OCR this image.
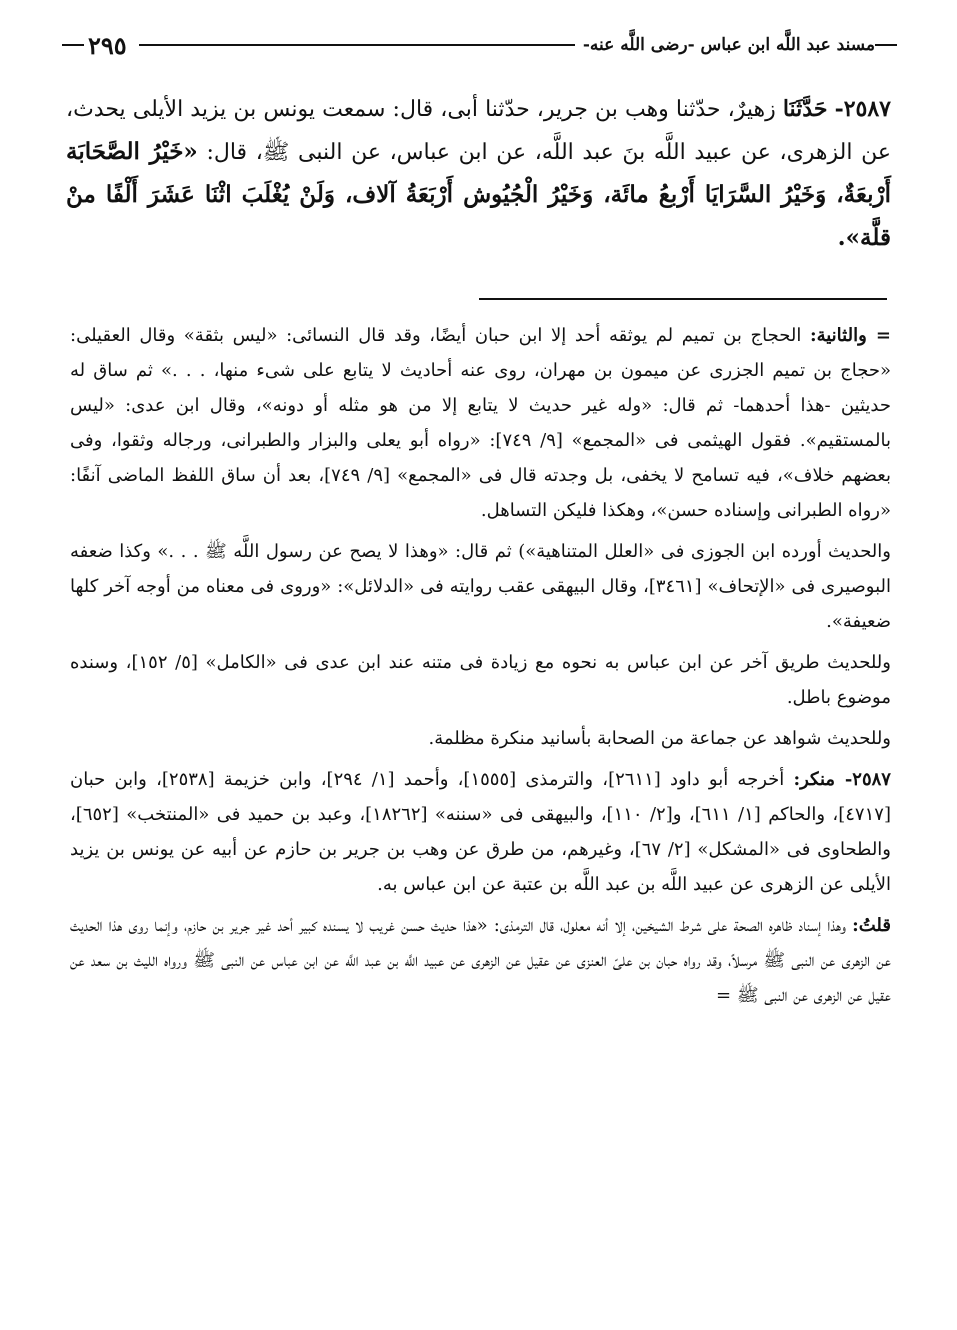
مسند عبد اللَّه ابن عباس -رضى اللَّه عنه-
٢٩٥
٢٥٨٧- حَدَّثَنَا زهيرٌ، حدّثنا وهب بن جرير، حدّثنا أبى، قال: سمعت يونس بن يزيد الأيلى يحدث، عن الزهرى، عن عبيد اللَّه بنَ عبد اللَّه، عن ابن عباس، عن النبى ﷺ، قال: «خَيْرُ الصَّحَابَة أَرْبعَةٌ، وَخَيْرُ السَّرَايَا أَرْبعُ مائَة، وَخَيْرُ الْجُيُوش أَرْبَعَةُ آلاف، وَلَنْ يُغْلَبَ اثْنَا عَشَرَ أَلْفًا منْ قلَّة».

= والثانية: الحجاج بن تميم لم يوثقه أحد إلا ابن حبان أيضًا، وقد قال النسائى: «ليس بثقة» وقال العقيلى: «حجاج بن تميم الجزرى عن ميمون بن مهران، روى عنه أحاديث لا يتابع على شىء منها، . . .» ثم ساق له حديثين -هذا أحدهما- ثم قال: «وله غير حديث لا يتابع إلا من هو مثله أو دونه»، وقال ابن عدى: «ليس بالمستقيم». فقول الهيثمى فى «المجمع» [٩/ ٧٤٩]: «رواه أبو يعلى والبزار والطبرانى، ورجاله وثقوا، وفى بعضهم خلاف»، فيه تسامح لا يخفى، بل وجدته قال فى «المجمع» [٩/ ٧٤٩]، بعد أن ساق اللفظ الماضى آنفًا: «رواه الطبرانى وإسناده حسن»، وهكذا فليكن التساهل.

والحديث أورده ابن الجوزى فى «العلل المتناهية») ثم قال: «وهذا لا يصح عن رسول اللَّه ﷺ . . .» وكذا ضعفه البوصيرى فى «الإتحاف» [٣٤٦١]، وقال البيهقى عقب روايته فى «الدلائل»: «وروى فى معناه من أوجه آخر كلها ضعيفة».

وللحديث طريق آخر عن ابن عباس به نحوه مع زيادة فى متنه عند ابن عدى فى «الكامل» [٥/ ١٥٢]، وسنده موضوع باطل.

وللحديث شواهد عن جماعة من الصحابة بأسانيد منكرة مظلمة.

٢٥٨٧- منكر: أخرجه أبو داود [٢٦١١]، والترمذى [١٥٥٥]، وأحمد [١/ ٢٩٤]، وابن خزيمة [٢٥٣٨]، وابن حبان [٤٧١٧]، والحاكم [١/ ٦١١]، و[٢/ ١١٠]، والبيهقى فى «سننه» [١٨٢٦٢]، وعبد بن حميد فى «المنتخب» [٦٥٢]، والطحاوى فى «المشكل» [٢/ ٦٧]، وغيرهم، من طرق عن وهب بن جرير بن حازم عن أبيه عن يونس بن يزيد الأيلى عن الزهرى عن عبيد اللَّه بن عبد اللَّه بن عتبة عن ابن عباس به.

قلتُ: وهذا إسناد ظاهره الصحة على شرط الشيخين، إلا أنه معلول، قال الترمذى: «هذا حديث حسن غريب لا يسنده كبير أحد غير جرير بن حازم، وإنما روى هذا الحديث عن الزهرى عن النبى ﷺ مرسلاً، وقد رواه حبان بن علىّ العنزى عن عقيل عن الزهرى عن عبيد اللَّه بن عبد اللَّه عن ابن عباس عن النبى ﷺ ورواه الليث بن سعد عن عقيل عن الزهرى عن النبى ﷺ =
